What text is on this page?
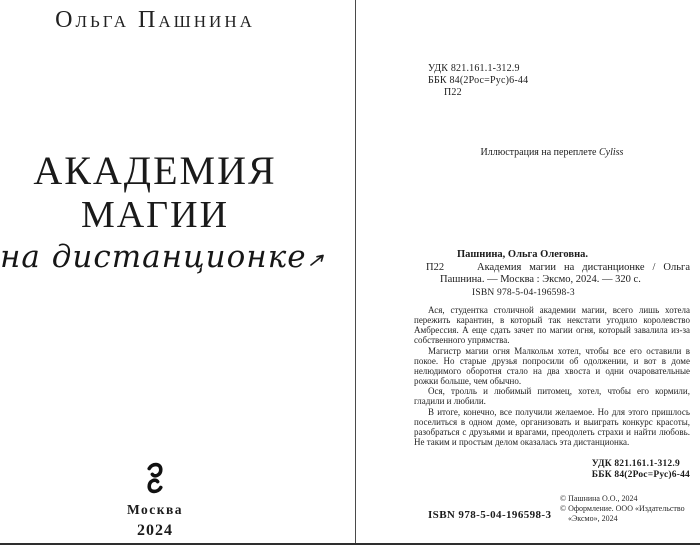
Ольга Пашнина
АКАДЕМИЯ
МАГИИ
на дистанционке
Москва
2024
УДК 821.161.1-312.9
ББК 84(2Рос=Рус)6-44
П22
Иллюстрация на переплете Cyliss
Пашнина, Ольга Олеговна.
П22	Академия магии на дистанционке / Ольга
Пашнина. — Москва : Эксмо, 2024. — 320 с.
ISBN 978-5-04-196598-3

Ася, студентка столичной академии магии, всего лишь хотела пережить карантин, в который так некстати угодило королевство Амбрессия. А еще сдать зачет по магии огня, который завалила из-за собственного упрямства.

Магистр магии огня Малкольм хотел, чтобы все его оставили в покое. Но старые друзья попросили об одолжении, и вот в доме нелюдимого оборотня стало на два хвоста и одни очаровательные рожки больше, чем обычно.

Ося, тролль и любимый питомец, хотел, чтобы его кормили, гладили и любили.

В итоге, конечно, все получили желаемое. Но для этого пришлось поселиться в одном доме, организовать и выиграть конкурс красоты, разобраться с друзьями и врагами, преодолеть страхи и найти любовь. Не таким и простым делом оказалась эта дистанционка.

УДК 821.161.1-312.9
ББК 84(2Рос=Рус)6-44

© Пашнина О.О., 2024

© Оформление. ООО «Издательство «Эксмо», 2024

ISBN 978-5-04-196598-3
